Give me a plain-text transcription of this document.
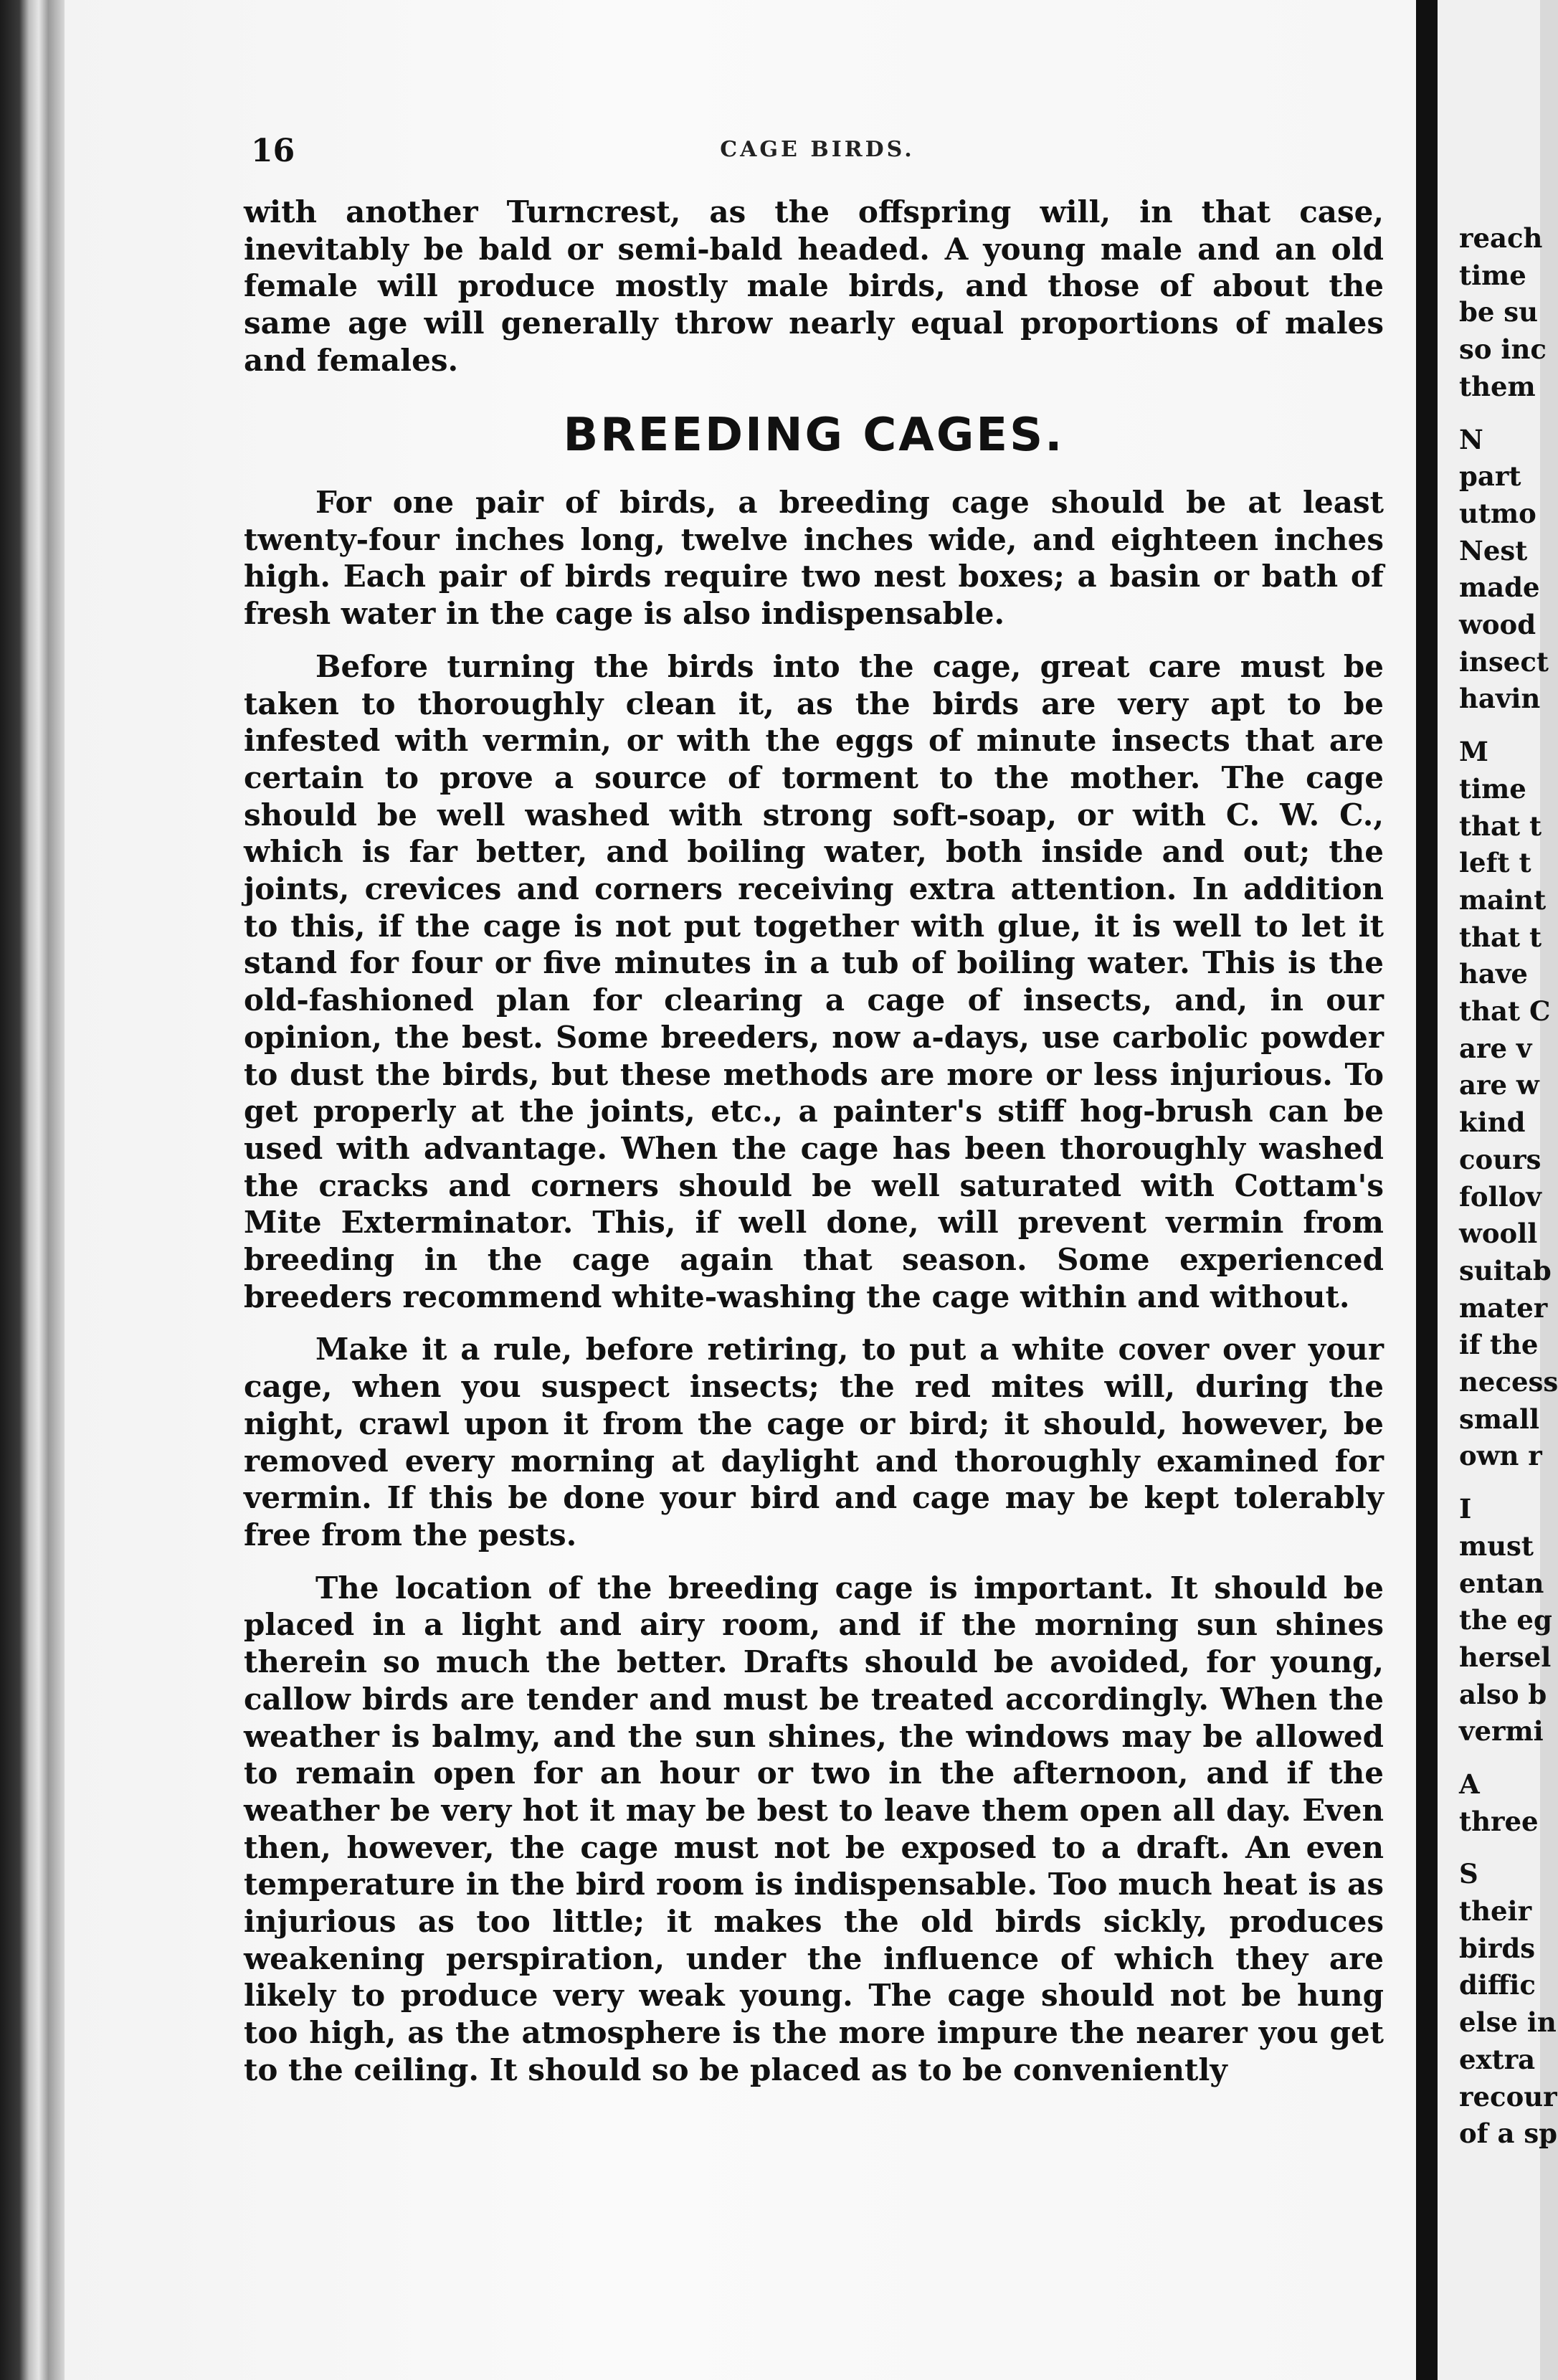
reach
time
be su
so inc
them
N
part
utmo
Nest
made
wood
insect
havin
M
time
that t
left t
maint
that t
have
that C
are v
are w
kind
cours
follov
wooll
suitab
mater
if the
necess
small
own r
I
must
entan
the eg
hersel
also b
vermi
A
three
S
their
birds
diffic
else in
extra
recour
of a sp
16	CAGE BIRDS.

with another Turncrest, as the offspring will, in that case, inevitably be bald or semi-bald headed. A young male and an old female will produce mostly male birds, and those of about the same age will generally throw nearly equal proportions of males and females.

BREEDING CAGES.

For one pair of birds, a breeding cage should be at least twenty-four inches long, twelve inches wide, and eighteen inches high. Each pair of birds require two nest boxes; a basin or bath of fresh water in the cage is also indispensable.

Before turning the birds into the cage, great care must be taken to thoroughly clean it, as the birds are very apt to be infested with vermin, or with the eggs of minute insects that are certain to prove a source of torment to the mother. The cage should be well washed with strong soft-soap, or with C. W. C., which is far better, and boiling water, both inside and out; the joints, crevices and corners receiving extra attention. In addition to this, if the cage is not put together with glue, it is well to let it stand for four or five minutes in a tub of boiling water. This is the old-fashioned plan for clearing a cage of insects, and, in our opinion, the best. Some breeders, now a-days, use carbolic powder to dust the birds, but these methods are more or less injurious. To get properly at the joints, etc., a painter's stiff hog-brush can be used with advantage. When the cage has been thoroughly washed the cracks and corners should be well saturated with Cottam's Mite Exterminator. This, if well done, will prevent vermin from breeding in the cage again that season. Some experienced breeders recommend white-washing the cage within and without.

Make it a rule, before retiring, to put a white cover over your cage, when you suspect insects; the red mites will, during the night, crawl upon it from the cage or bird; it should, however, be removed every morning at daylight and thoroughly examined for vermin. If this be done your bird and cage may be kept tolerably free from the pests.

The location of the breeding cage is important. It should be placed in a light and airy room, and if the morning sun shines therein so much the better. Drafts should be avoided, for young, callow birds are tender and must be treated accordingly. When the weather is balmy, and the sun shines, the windows may be allowed to remain open for an hour or two in the afternoon, and if the weather be very hot it may be best to leave them open all day. Even then, however, the cage must not be exposed to a draft. An even temperature in the bird room is indispensable. Too much heat is as injurious as too little; it makes the old birds sickly, produces weakening perspiration, under the influence of which they are likely to produce very weak young. The cage should not be hung too high, as the atmosphere is the more impure the nearer you get to the ceiling. It should so be placed as to be conveniently
